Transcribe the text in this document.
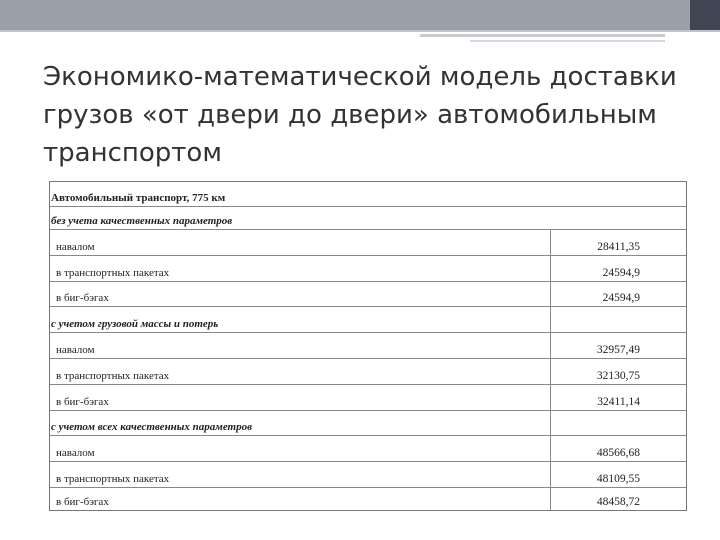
Экономико-математической модель доставки грузов «от двери до двери» автомобильным транспортом
Автомобильный транспорт, 775 км
без учета качественных параметров
навалом	28411,35
в транспортных пакетах	24594,9
в биг-бэгах	24594,9
с учетом грузовой массы и потерь
навалом	32957,49
в транспортных пакетах	32130,75
в биг-бэгах	32411,14
с учетом всех качественных параметров
навалом	48566,68
в транспортных пакетах	48109,55
в биг-бэгах	48458,72
